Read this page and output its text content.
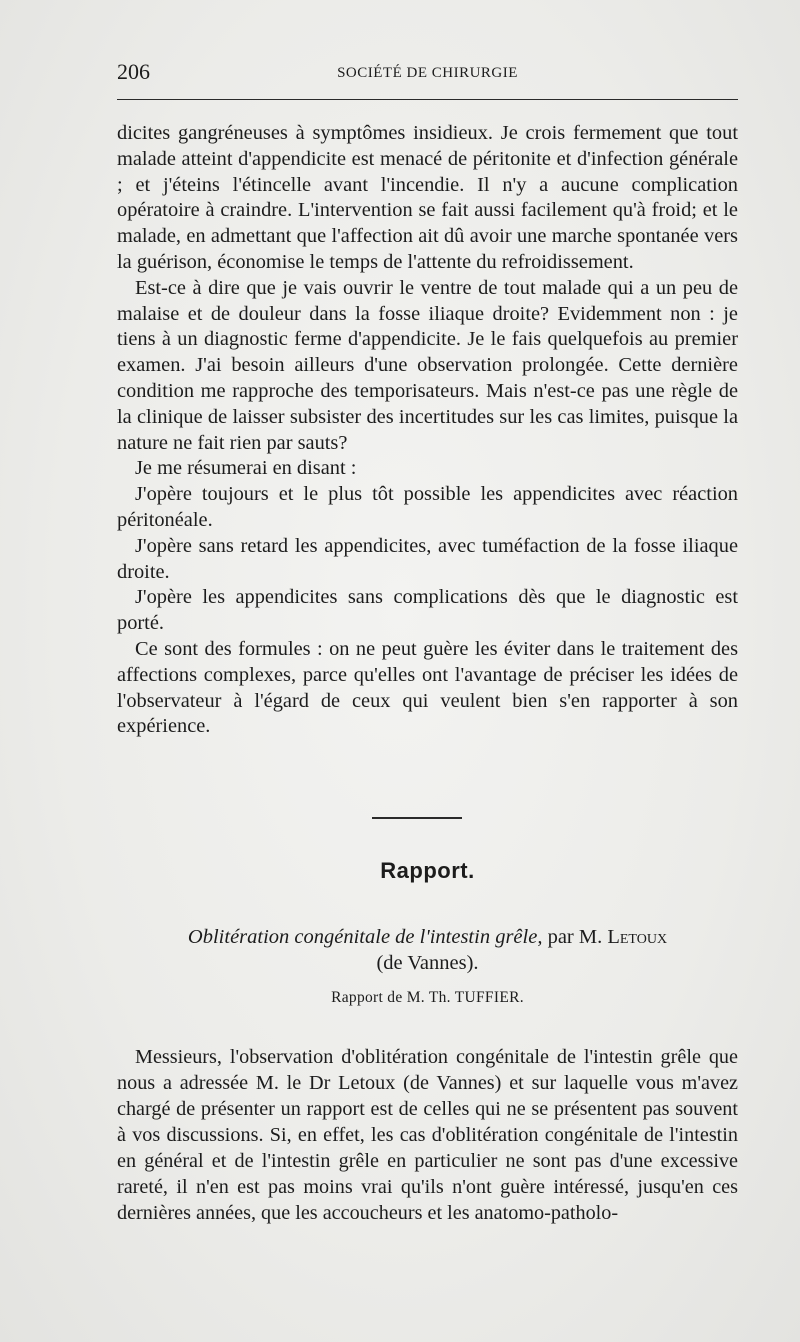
206	SOCIÉTÉ DE CHIRURGIE

dicites gangréneuses à symptômes insidieux. Je crois fermement que tout malade atteint d'appendicite est menacé de péritonite et d'infection générale ; et j'éteins l'étincelle avant l'incendie. Il n'y a aucune complication opératoire à craindre. L'intervention se fait aussi facilement qu'à froid; et le malade, en admettant que l'affection ait dû avoir une marche spontanée vers la guérison, économise le temps de l'attente du refroidissement.

Est-ce à dire que je vais ouvrir le ventre de tout malade qui a un peu de malaise et de douleur dans la fosse iliaque droite? Evidemment non : je tiens à un diagnostic ferme d'appendicite. Je le fais quelquefois au premier examen. J'ai besoin ailleurs d'une observation prolongée. Cette dernière condition me rapproche des temporisateurs. Mais n'est-ce pas une règle de la clinique de laisser subsister des incertitudes sur les cas limites, puisque la nature ne fait rien par sauts?

Je me résumerai en disant :

J'opère toujours et le plus tôt possible les appendicites avec réaction péritonéale.

J'opère sans retard les appendicites, avec tuméfaction de la fosse iliaque droite.

J'opère les appendicites sans complications dès que le diagnostic est porté.

Ce sont des formules : on ne peut guère les éviter dans le traitement des affections complexes, parce qu'elles ont l'avantage de préciser les idées de l'observateur à l'égard de ceux qui veulent bien s'en rapporter à son expérience.

Rapport.
Oblitération congénitale de l'intestin grêle, par M. Letoux
(de Vannes).
Rapport de M. Th. TUFFIER.

Messieurs, l'observation d'oblitération congénitale de l'intestin grêle que nous a adressée M. le Dr Letoux (de Vannes) et sur laquelle vous m'avez chargé de présenter un rapport est de celles qui ne se présentent pas souvent à vos discussions. Si, en effet, les cas d'oblitération congénitale de l'intestin en général et de l'intestin grêle en particulier ne sont pas d'une excessive rareté, il n'en est pas moins vrai qu'ils n'ont guère intéressé, jusqu'en ces dernières années, que les accoucheurs et les anatomo-patholo-
